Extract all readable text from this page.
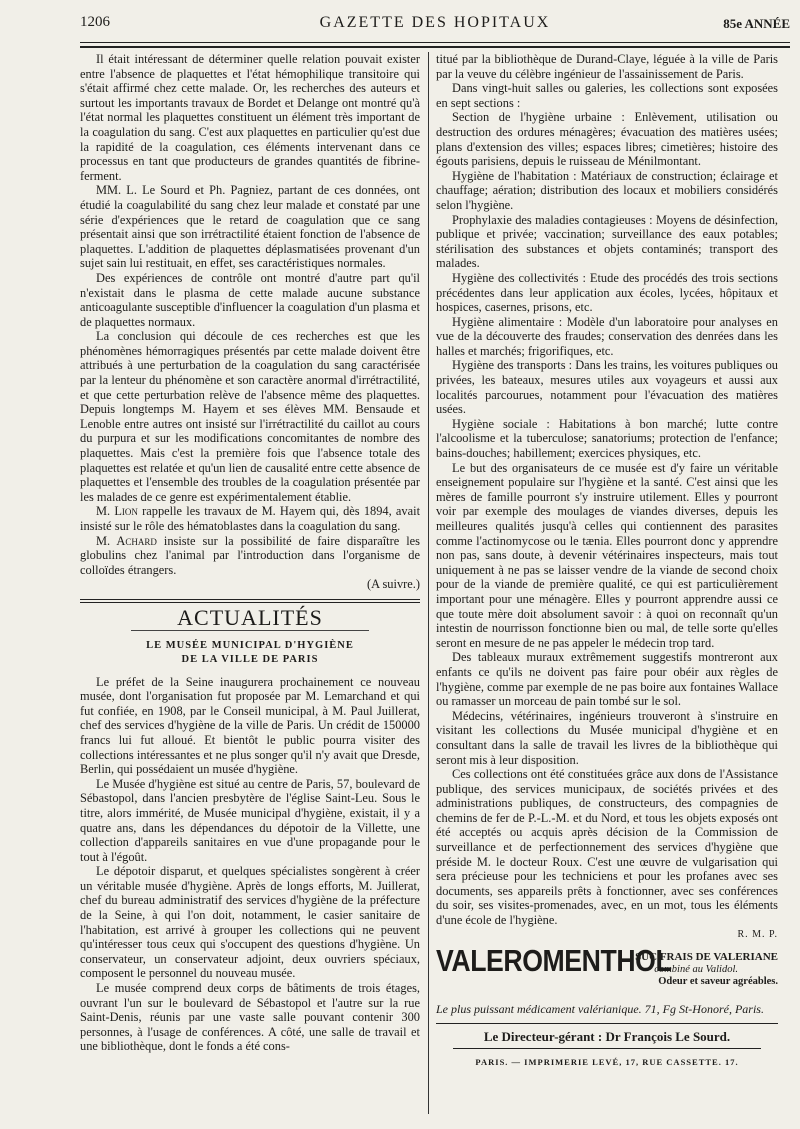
1206	GAZETTE DES HOPITAUX	85e ANNÉE

Il était intéressant de déterminer quelle relation pouvait exister entre l'absence de plaquettes et l'état hémophilique transitoire qui s'était affirmé chez cette malade. Or, les recherches des auteurs et surtout les importants travaux de Bordet et Delange ont montré qu'à l'état normal les plaquettes constituent un élément très important de la coagulation du sang. C'est aux plaquettes en particulier qu'est due la rapidité de la coagulation, ces éléments intervenant dans ce processus en tant que producteurs de grandes quantités de fibrine-ferment.

MM. L. Le Sourd et Ph. Pagniez, partant de ces données, ont étudié la coagulabilité du sang chez leur malade et constaté par une série d'expériences que le retard de coagulation que ce sang présentait ainsi que son irrétractilité étaient fonction de l'absence de plaquettes. L'addition de plaquettes déplasmatisées provenant d'un sujet sain lui restituait, en effet, ses caractéristiques normales.

Des expériences de contrôle ont montré d'autre part qu'il n'existait dans le plasma de cette malade aucune substance anticoagulante susceptible d'influencer la coagulation d'un plasma et de plaquettes normaux.

La conclusion qui découle de ces recherches est que les phénomènes hémorragiques présentés par cette malade doivent être attribués à une perturbation de la coagulation du sang caractérisée par la lenteur du phénomène et son caractère anormal d'irrétractilité, et que cette perturbation relève de l'absence même des plaquettes. Depuis longtemps M. Hayem et ses élèves MM. Bensaude et Lenoble entre autres ont insisté sur l'irrétractilité du caillot au cours du purpura et sur les modifications concomitantes de nombre des plaquettes. Mais c'est la première fois que l'absence totale des plaquettes est relatée et qu'un lien de causalité entre cette absence de plaquettes et l'ensemble des troubles de la coagulation présentée par les malades de ce genre est expérimentalement établie.

M. Lion rappelle les travaux de M. Hayem qui, dès 1894, avait insisté sur le rôle des hématoblastes dans la coagulation du sang.

M. Achard insiste sur la possibilité de faire disparaître les globulins chez l'animal par l'introduction dans l'organisme de colloïdes étrangers.
(A suivre.)

ACTUALITÉS
LE MUSÉE MUNICIPAL D'HYGIÈNE
DE LA VILLE DE PARIS

Le préfet de la Seine inaugurera prochainement ce nouveau musée, dont l'organisation fut proposée par M. Lemarchand et qui fut confiée, en 1908, par le Conseil municipal, à M. Paul Juillerat, chef des services d'hygiène de la ville de Paris. Un crédit de 150000 francs lui fut alloué. Et bientôt le public pourra visiter des collections intéressantes et ne plus songer qu'il n'y avait que Dresde, Berlin, qui possédaient un musée d'hygiène.

Le Musée d'hygiène est situé au centre de Paris, 57, boulevard de Sébastopol, dans l'ancien presbytère de l'église Saint-Leu. Sous le titre, alors immérité, de Musée municipal d'hygiène, existait, il y a quatre ans, dans les dépendances du dépotoir de la Villette, une collection d'appareils sanitaires en vue d'une propagande pour le tout à l'égoût.

Le dépotoir disparut, et quelques spécialistes songèrent à créer un véritable musée d'hygiène. Après de longs efforts, M. Juillerat, chef du bureau administratif des services d'hygiène de la préfecture de la Seine, à qui l'on doit, notamment, le casier sanitaire de l'habitation, est arrivé à grouper les collections qui ne peuvent qu'intéresser tous ceux qui s'occupent des questions d'hygiène. Un conservateur, un conservateur adjoint, deux ouvriers spéciaux, composent le personnel du nouveau musée.

Le musée comprend deux corps de bâtiments de trois étages, ouvrant l'un sur le boulevard de Sébastopol et l'autre sur la rue Saint-Denis, réunis par une vaste salle pouvant contenir 300 personnes, à l'usage de conférences. A côté, une salle de travail et une bibliothèque, dont le fonds a été cons-

titué par la bibliothèque de Durand-Claye, léguée à la ville de Paris par la veuve du célèbre ingénieur de l'assainissement de Paris.

Dans vingt-huit salles ou galeries, les collections sont exposées en sept sections :

Section de l'hygiène urbaine : Enlèvement, utilisation ou destruction des ordures ménagères; évacuation des matières usées; plans d'extension des villes; espaces libres; cimetières; histoire des égouts parisiens, depuis le ruisseau de Ménilmontant.

Hygiène de l'habitation : Matériaux de construction; éclairage et chauffage; aération; distribution des locaux et mobiliers considérés selon l'hygiène.

Prophylaxie des maladies contagieuses : Moyens de désinfection, publique et privée; vaccination; surveillance des eaux potables; stérilisation des substances et objets contaminés; transport des malades.

Hygiène des collectivités : Etude des procédés des trois sections précédentes dans leur application aux écoles, lycées, hôpitaux et hospices, casernes, prisons, etc.

Hygiène alimentaire : Modèle d'un laboratoire pour analyses en vue de la découverte des fraudes; conservation des denrées dans les halles et marchés; frigorifiques, etc.

Hygiène des transports : Dans les trains, les voitures publiques ou privées, les bateaux, mesures utiles aux voyageurs et aussi aux localités parcourues, notamment pour l'évacuation des matières usées.

Hygiène sociale : Habitations à bon marché; lutte contre l'alcoolisme et la tuberculose; sanatoriums; protection de l'enfance; bains-douches; habillement; exercices physiques, etc.

Le but des organisateurs de ce musée est d'y faire un véritable enseignement populaire sur l'hygiène et la santé. C'est ainsi que les mères de famille pourront s'y instruire utilement. Elles y pourront voir par exemple des moulages de viandes diverses, depuis les meilleures qualités jusqu'à celles qui contiennent des parasites comme l'actinomycose ou le tænia. Elles pourront donc y apprendre non pas, sans doute, à devenir vétérinaires inspecteurs, mais tout uniquement à ne pas se laisser vendre de la viande de second choix pour de la viande de première qualité, ce qui est particulièrement important pour une ménagère. Elles y pourront apprendre aussi ce que toute mère doit absolument savoir : à quoi on reconnaît qu'un intestin de nourrisson fonctionne bien ou mal, de telle sorte qu'elles seront en mesure de ne pas appeler le médecin trop tard.

Des tableaux muraux extrêmement suggestifs montreront aux enfants ce qu'ils ne doivent pas faire pour obéir aux règles de l'hygiène, comme par exemple de ne pas boire aux fontaines Wallace ou ramasser un morceau de pain tombé sur le sol.

Médecins, vétérinaires, ingénieurs trouveront à s'instruire en visitant les collections du Musée municipal d'hygiène et en consultant dans la salle de travail les livres de la bibliothèque qui seront mis à leur disposition.

Ces collections ont été constituées grâce aux dons de l'Assistance publique, des services municipaux, de sociétés privées et des administrations publiques, de constructeurs, des compagnies de chemins de fer de P.-L.-M. et du Nord, et tous les objets exposés ont été acceptés ou acquis après décision de la Commission de surveillance et de perfectionnement des services d'hygiène que préside M. le docteur Roux. C'est une œuvre de vulgarisation qui sera précieuse pour les techniciens et pour les profanes avec ses documents, ses appareils prêts à fonctionner, avec ses conférences du soir, ses visites-promenades, avec, en un mot, tous les éléments d'une école de l'hygiène.

R. M. P.
VALEROMENTHOL
SUC FRAIS DE VALERIANE
combiné au Validol.
Odeur et saveur agréables.
Le plus puissant médicament valérianique. 71, Fg St-Honoré, Paris.
Le Directeur-gérant : Dr François Le Sourd.
PARIS. — IMPRIMERIE LEVÉ, 17, RUE CASSETTE. 17.
